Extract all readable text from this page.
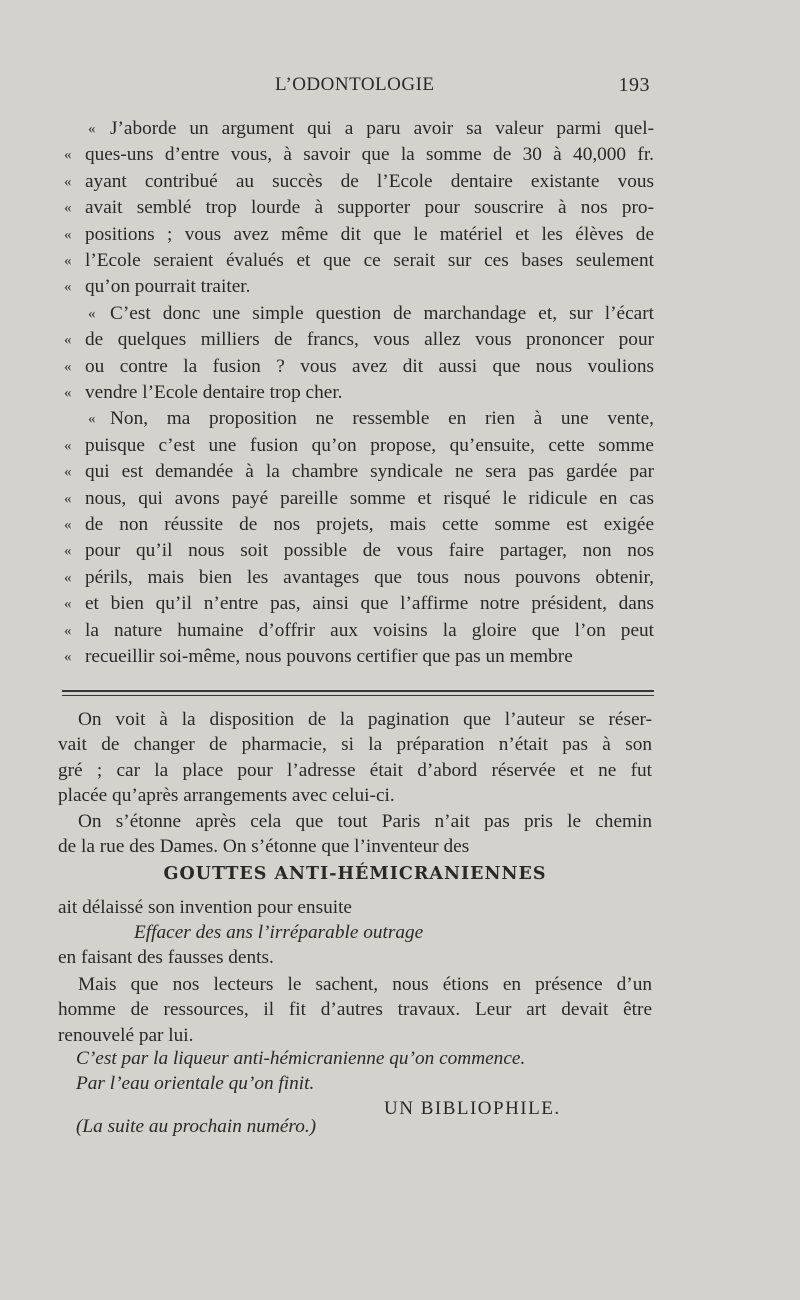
L’ODONTOLOGIE	193
« J’aborde un argument qui a paru avoir sa valeur parmi quel-
« ques-uns d’entre vous, à savoir que la somme de 30 à 40,000 fr.
« ayant contribué au succès de l’Ecole dentaire existante vous
« avait semblé trop lourde à supporter pour souscrire à nos pro-
« positions ; vous avez même dit que le matériel et les élèves de
« l’Ecole seraient évalués et que ce serait sur ces bases seulement
« qu’on pourrait traiter.
« C’est donc une simple question de marchandage et, sur l’écart
« de quelques milliers de francs, vous allez vous prononcer pour
« ou contre la fusion ? vous avez dit aussi que nous voulions
« vendre l’Ecole dentaire trop cher.
« Non, ma proposition ne ressemble en rien à une vente,
« puisque c’est une fusion qu’on propose, qu’ensuite, cette somme
« qui est demandée à la chambre syndicale ne sera pas gardée par
« nous, qui avons payé pareille somme et risqué le ridicule en cas
« de non réussite de nos projets, mais cette somme est exigée
« pour qu’il nous soit possible de vous faire partager, non nos
« périls, mais bien les avantages que tous nous pouvons obtenir,
« et bien qu’il n’entre pas, ainsi que l’affirme notre président, dans
« la nature humaine d’offrir aux voisins la gloire que l’on peut
« recueillir soi-même, nous pouvons certifier que pas un membre
On voit à la disposition de la pagination que l’auteur se réser-
vait de changer de pharmacie, si la préparation n’était pas à son
gré ; car la place pour l’adresse était d’abord réservée et ne fut
placée qu’après arrangements avec celui-ci.
On s’étonne après cela que tout Paris n’ait pas pris le chemin
de la rue des Dames. On s’étonne que l’inventeur des
GOUTTES ANTI-HÉMICRANIENNES
ait délaissé son invention pour ensuite
Effacer des ans l’irréparable outrage
en faisant des fausses dents.
Mais que nos lecteurs le sachent, nous étions en présence d’un
homme de ressources, il fit d’autres travaux. Leur art devait être
renouvelé par lui.
C’est par la liqueur anti-hémicranienne qu’on commence.
Par l’eau orientale qu’on finit.
UN BIBLIOPHILE.
(La suite au prochain numéro.)
